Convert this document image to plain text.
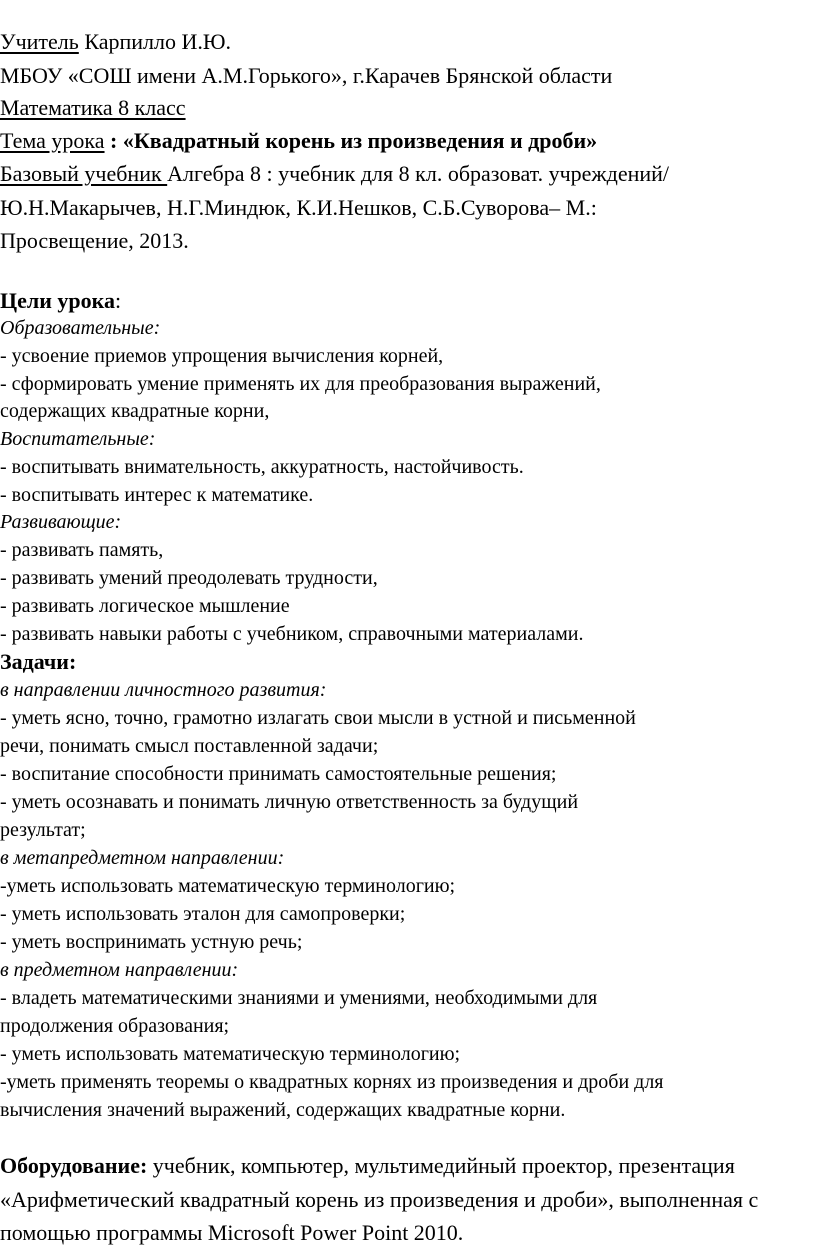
Учитель Карпилло И.Ю.
МБОУ «СОШ имени А.М.Горького», г.Карачев Брянской области
Математика 8 класс
Тема урока : «Квадратный корень из произведения и дроби»
Базовый учебник Алгебра 8 : учебник для 8 кл. образоват. учреждений/
Ю.Н.Макарычев, Н.Г.Миндюк, К.И.Нешков, С.Б.Суворова– М.:
Просвещение, 2013.
Цели урока:
Образовательные:
- усвоение приемов упрощения вычисления корней,
- сформировать умение применять их для преобразования выражений,
содержащих квадратные корни,
Воспитательные:
- воспитывать внимательность, аккуратность, настойчивость.
- воспитывать интерес к математике.
Развивающие:
- развивать память,
- развивать умений преодолевать трудности,
- развивать логическое мышление
- развивать навыки работы с учебником, справочными материалами.
Задачи:
в направлении личностного развития:
- уметь ясно, точно, грамотно излагать свои мысли в устной и письменной
речи, понимать смысл поставленной задачи;
- воспитание способности принимать самостоятельные решения;
- уметь осознавать и понимать личную ответственность за будущий
результат;
в метапредметном направлении:
-уметь использовать математическую терминологию;
- уметь использовать эталон для самопроверки;
- уметь воспринимать устную речь;
в предметном направлении:
- владеть математическими знаниями и умениями, необходимыми для
продолжения образования;
- уметь использовать математическую терминологию;
-уметь применять теоремы о квадратных корнях из произведения и дроби для
вычисления значений выражений, содержащих квадратные корни.
Оборудование: учебник, компьютер, мультимедийный проектор, презентация
«Арифметический квадратный корень из произведения и дроби», выполненная с
помощью программы Microsoft Power Point 2010.
